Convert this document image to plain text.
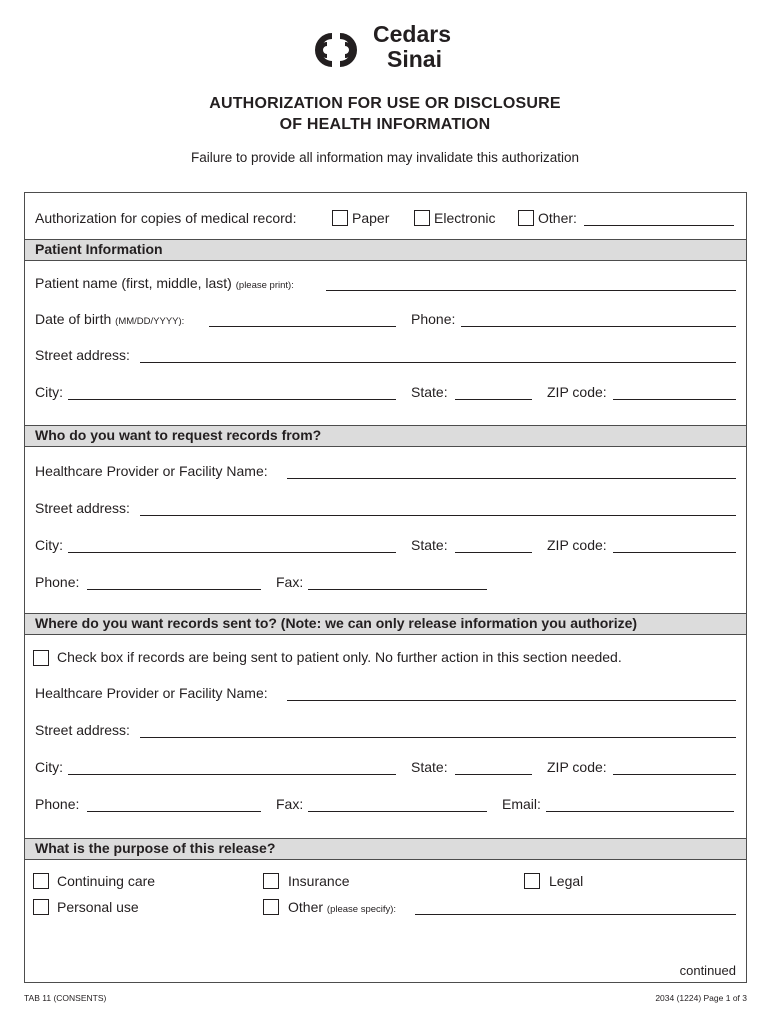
Cedars
Sinai
AUTHORIZATION FOR USE OR DISCLOSURE
OF HEALTH INFORMATION
Failure to provide all information may invalidate this authorization
Authorization for copies of medical record:	Paper	Electronic	Other:
Patient Information
Patient name (first, middle, last) (please print):
Date of birth (MM/DD/YYYY):	Phone:
Street address:
City:	State:	ZIP code:
Who do you want to request records from?
Healthcare Provider or Facility Name:
Street address:
City:	State:	ZIP code:
Phone:	Fax:
Where do you want records sent to? (Note: we can only release information you authorize)
Check box if records are being sent to patient only. No further action in this section needed.
Healthcare Provider or Facility Name:
Street address:
City:	State:	ZIP code:
Phone:	Fax:	Email:
What is the purpose of this release?
Continuing care	Insurance	Legal
Personal use	Other (please specify):
continued
TAB 11 (CONSENTS)	2034 (1224) Page 1 of 3
